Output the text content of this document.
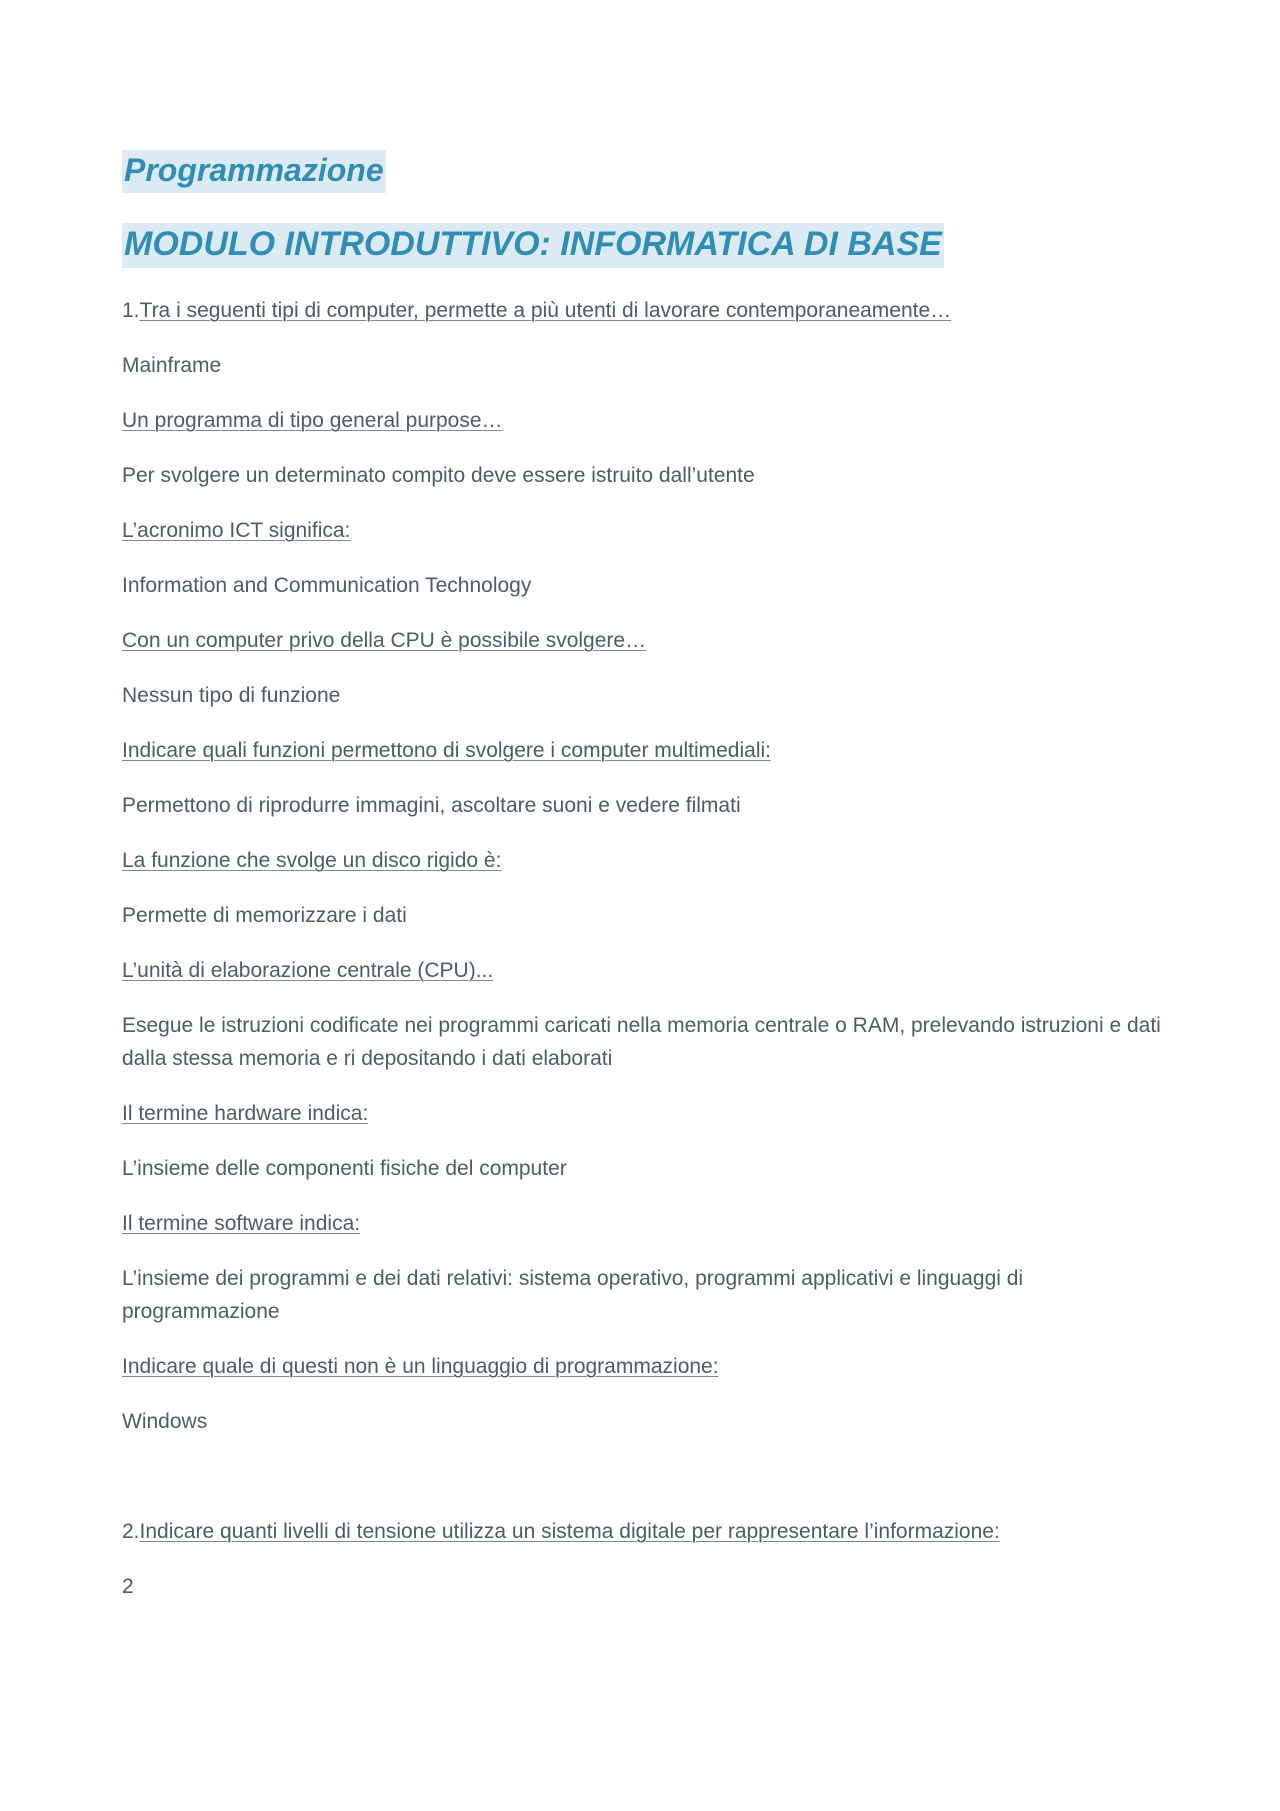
Programmazione
MODULO INTRODUTTIVO: INFORMATICA DI BASE
1.Tra i seguenti tipi di computer, permette a più utenti di lavorare contemporaneamente…
Mainframe
Un programma di tipo general purpose…
Per svolgere un determinato compito deve essere istruito dall’utente
L’acronimo ICT significa:
Information and Communication Technology
Con un computer privo della CPU è possibile svolgere…
Nessun tipo di funzione
Indicare quali funzioni permettono di svolgere i computer multimediali:
Permettono di riprodurre immagini, ascoltare suoni e vedere filmati
La funzione che svolge un disco rigido è:
Permette di memorizzare i dati
L’unità di elaborazione centrale (CPU)...
Esegue le istruzioni codificate nei programmi caricati nella memoria centrale o RAM, prelevando istruzioni e dati dalla stessa memoria e ri depositando i dati elaborati
Il termine hardware indica:
L’insieme delle componenti fisiche del computer
Il termine software indica:
L’insieme dei programmi e dei dati relativi: sistema operativo, programmi applicativi e linguaggi di programmazione
Indicare quale di questi non è un linguaggio di programmazione:
Windows
2.Indicare quanti livelli di tensione utilizza un sistema digitale per rappresentare l’informazione:
2
